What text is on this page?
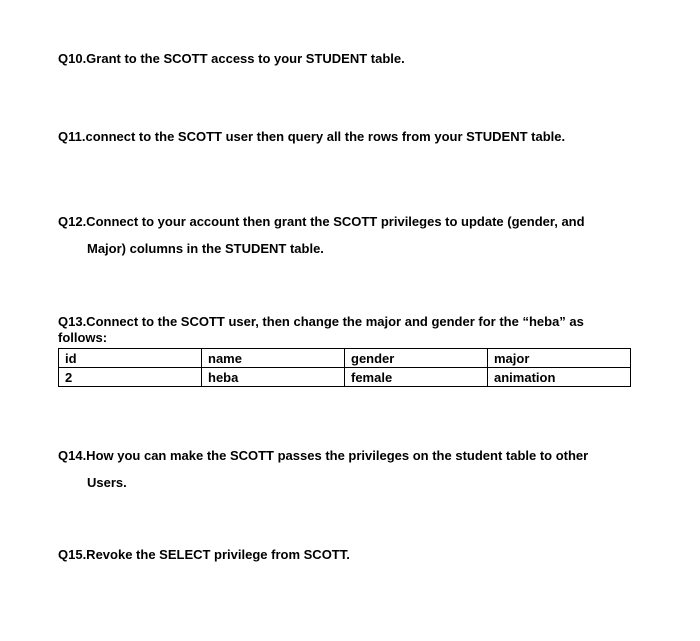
Q10.Grant to the SCOTT access to your STUDENT table.
Q11.connect to the SCOTT user then query all the rows from your STUDENT table.
Q12.Connect to your account then grant the SCOTT privileges to update (gender, and
Major) columns in the STUDENT table.
Q13.Connect to the SCOTT user, then change the major and gender for the “heba” as
follows:
id	name	gender	major
2	heba	female	animation
Q14.How you can make the SCOTT passes the privileges on the student table to other
Users.
Q15.Revoke the SELECT privilege from SCOTT.
